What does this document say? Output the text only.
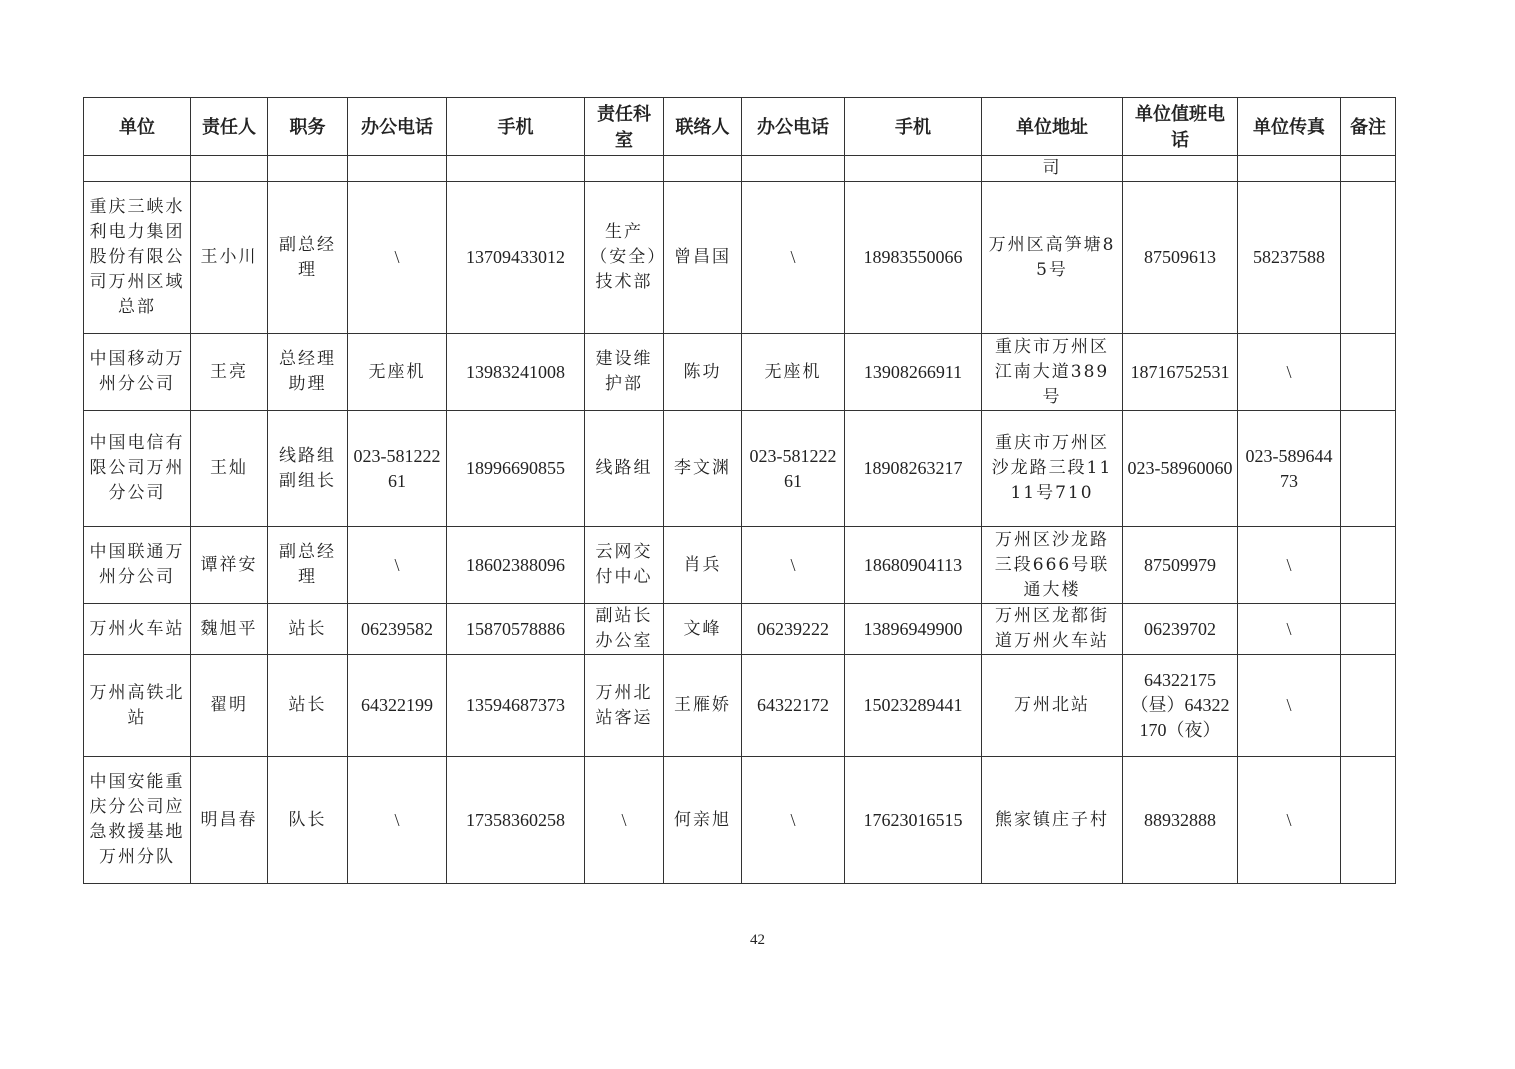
单位	责任人	职务	办公电话	手机	责任科室	联络人	办公电话	手机	单位地址	单位值班电话	单位传真	备注
									司			
重庆三峡水利电力集团股份有限公司万州区域总部	王小川	副总经理	\	13709433012	生产（安全）技术部	曾昌国	\	18983550066	万州区高笋塘85号	87509613	58237588	
中国移动万州分公司	王亮	总经理助理	无座机	13983241008	建设维护部	陈功	无座机	13908266911	重庆市万州区江南大道389号	18716752531	\	
中国电信有限公司万州分公司	王灿	线路组副组长	023-58122261	18996690855	线路组	李文渊	023-58122261	18908263217	重庆市万州区沙龙路三段1111号710	023-58960060	023-58964473	
中国联通万州分公司	谭祥安	副总经理	\	18602388096	云网交付中心	肖兵	\	18680904113	万州区沙龙路三段666号联通大楼	87509979	\	
万州火车站	魏旭平	站长	06239582	15870578886	副站长办公室	文峰	06239222	13896949900	万州区龙都街道万州火车站	06239702	\	
万州高铁北站	翟明	站长	64322199	13594687373	万州北站客运	王雁娇	64322172	15023289441	万州北站	64322175（昼）64322170（夜）	\	
中国安能重庆分公司应急救援基地万州分队	明昌春	队长	\	17358360258	\	何亲旭	\	17623016515	熊家镇庄子村	88932888	\	
42
